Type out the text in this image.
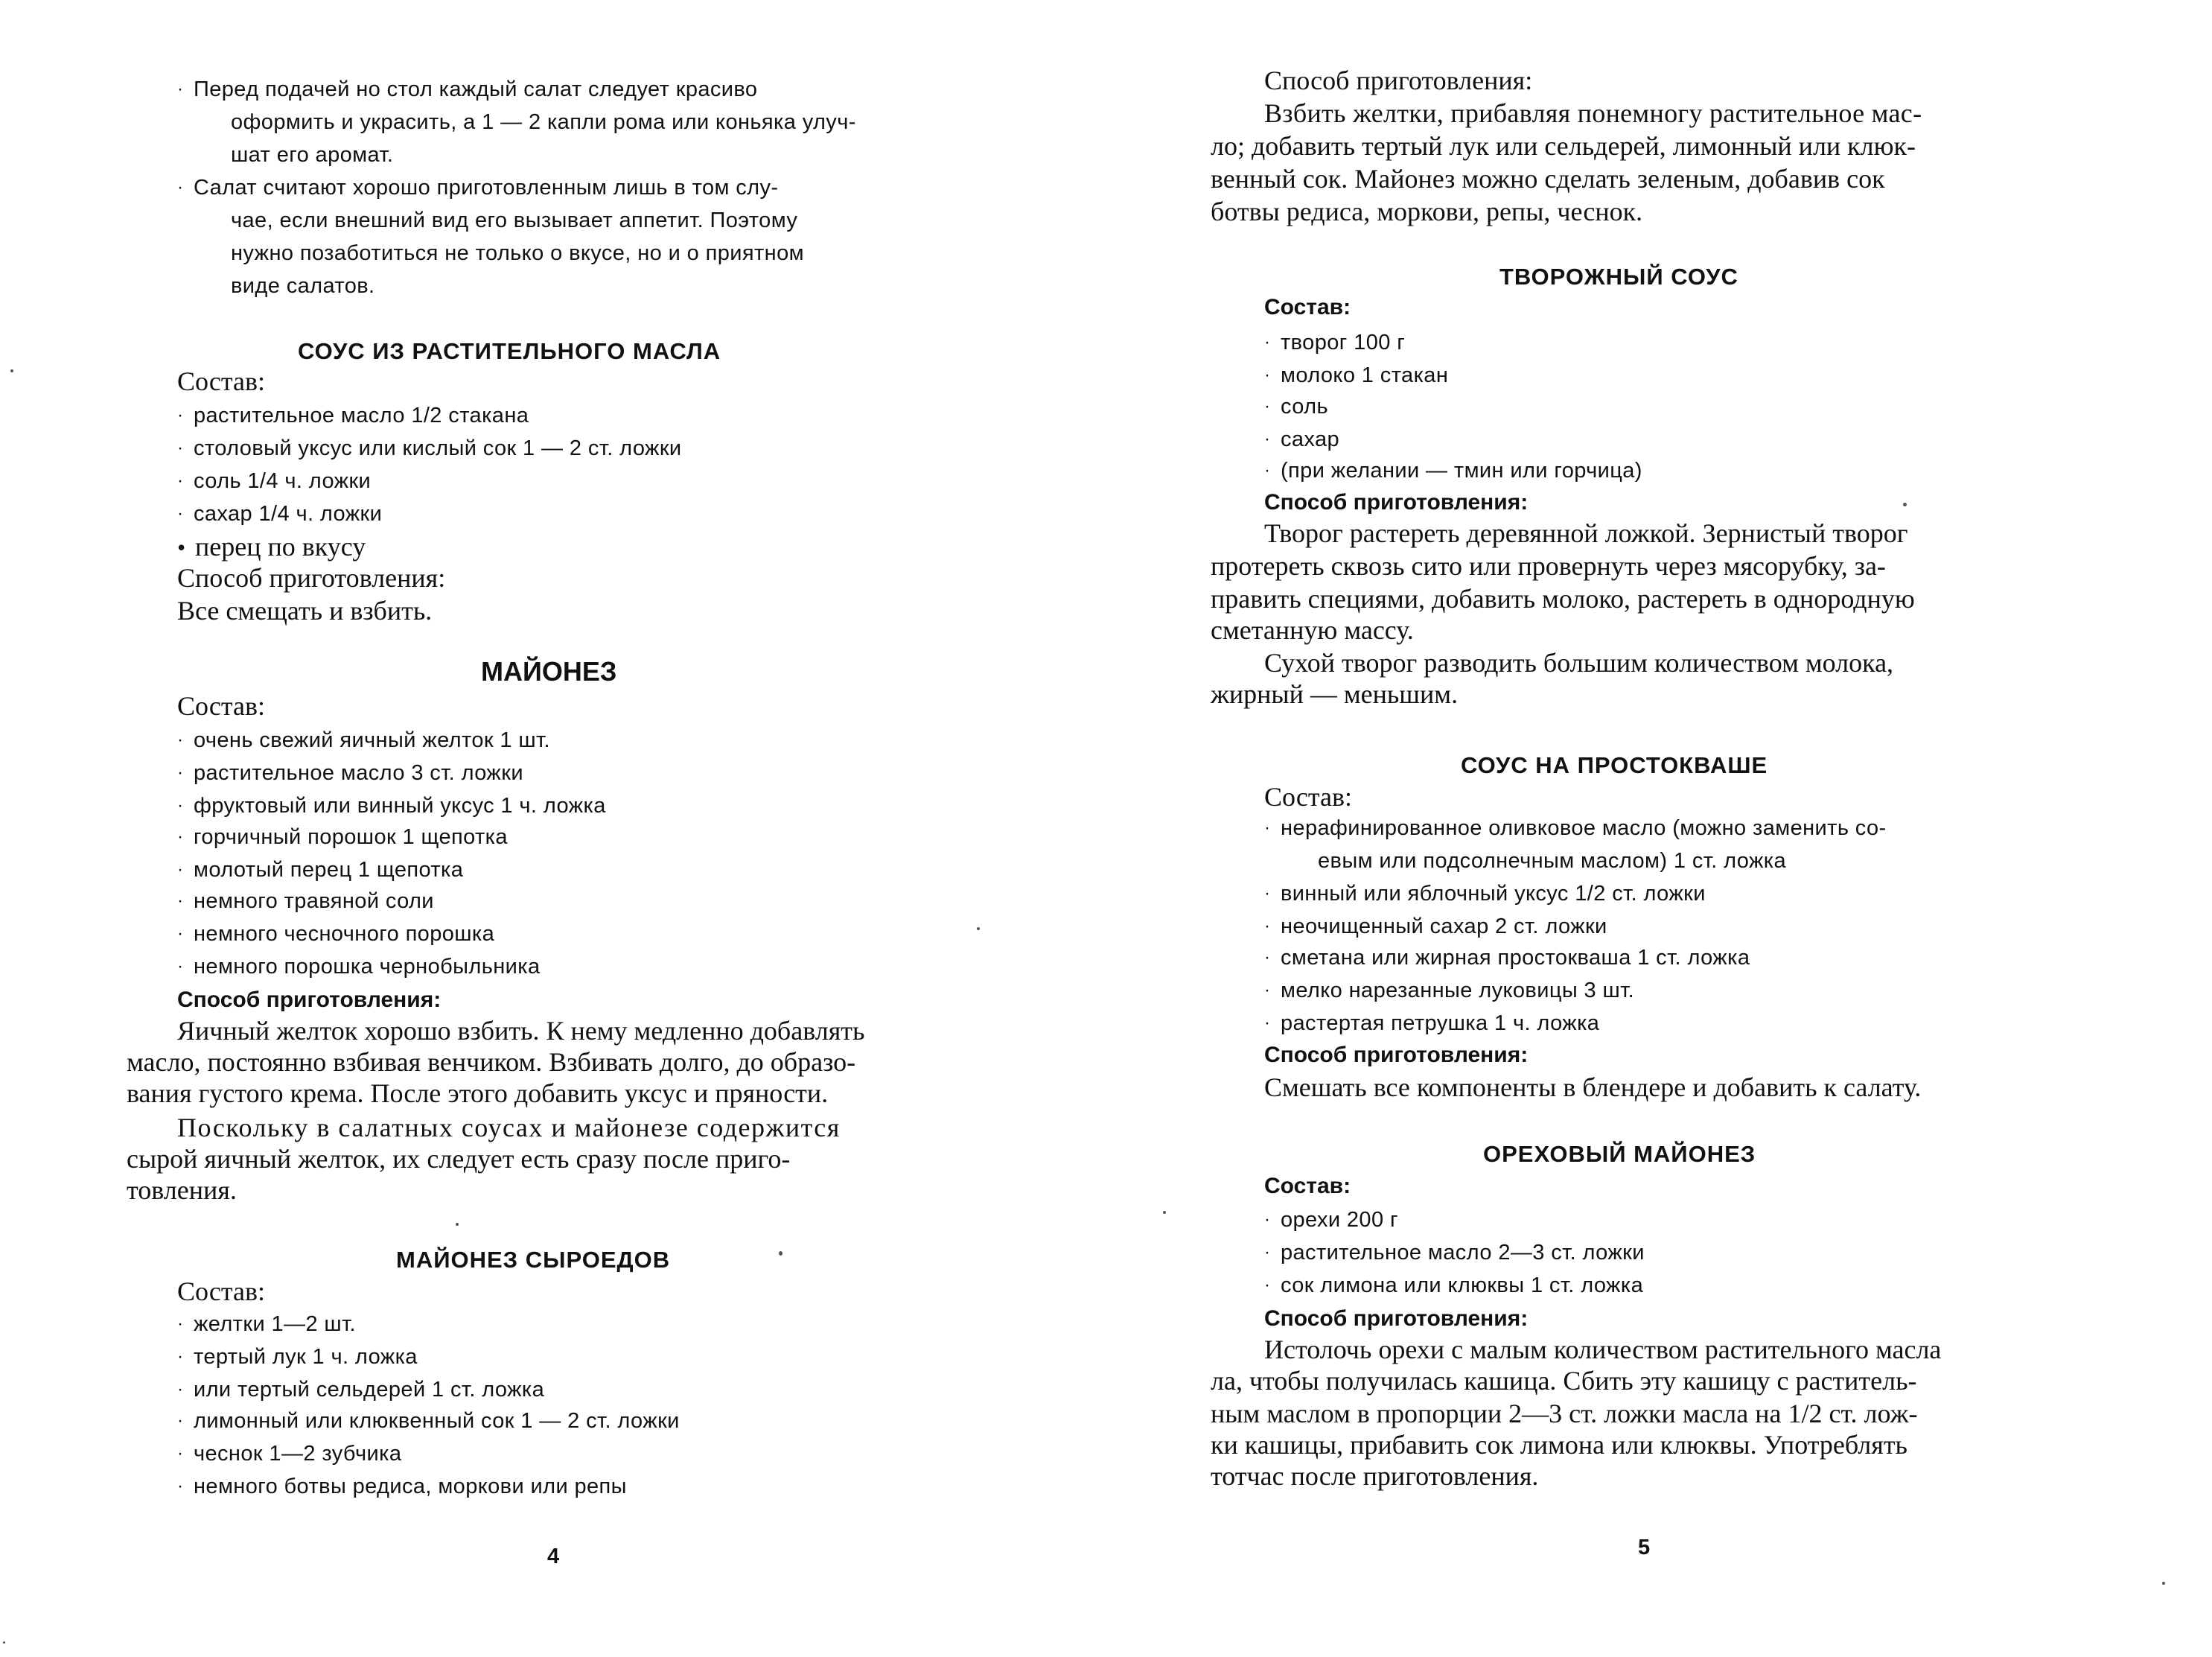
· Перед подачей но стол каждый салат следует красиво
оформить и украсить, а 1 — 2 капли рома или коньяка улуч-
шат его аромат.
· Салат считают хорошо приготовленным лишь в том слу-
чае, если внешний вид его вызывает аппетит. Поэтому
нужно позаботиться не только о вкусе, но и о приятном
виде салатов.
СОУС ИЗ РАСТИТЕЛЬНОГО МАСЛА
Состав:
· растительное масло 1/2 стакана
· столовый уксус или кислый сок 1 — 2 ст. ложки
· соль 1/4 ч. ложки
· сахар 1/4 ч. ложки
• перец по вкусу
Способ приготовления:
Все смещать и взбить.
МАЙОНЕЗ
Состав:
· очень свежий яичный желток 1 шт.
· растительное масло 3 ст. ложки
· фруктовый или винный уксус 1 ч. ложка
· горчичный порошок 1 щепотка
· молотый перец 1 щепотка
· немного травяной соли
· немного чесночного порошка
· немного порошка чернобыльника
Способ приготовления:
Яичный желток хорошо взбить. К нему медленно добавлять
масло, постоянно взбивая венчиком. Взбивать долго, до образо-
вания густого крема. После этого добавить уксус и пряности.
Поскольку в салатных соусах и майонезе содержится
сырой яичный желток, их следует есть сразу после приго-
товления.
МАЙОНЕЗ СЫРОЕДОВ
Состав:
· желтки 1—2 шт.
· тертый лук 1 ч. ложка
· или тертый сельдерей 1 ст. ложка
· лимонный или клюквенный сок 1 — 2 ст. ложки
· чеснок 1—2 зубчика
· немного ботвы редиса, моркови или репы
4
Способ приготовления:
Взбить желтки, прибавляя понемногу растительное мас-
ло; добавить тертый лук или сельдерей, лимонный или клюк-
венный сок. Майонез можно сделать зеленым, добавив сок
ботвы редиса, моркови, репы, чеснок.
ТВОРОЖНЫЙ СОУС
Состав:
· творог 100 г
· молоко 1 стакан
· соль
· сахар
· (при желании — тмин или горчица)
Способ приготовления:
Творог растереть деревянной ложкой. Зернистый творог
протереть сквозь сито или провернуть через мясорубку, за-
править специями, добавить молоко, растереть в однородную
сметанную массу.
Сухой творог разводить большим количеством молока,
жирный — меньшим.
СОУС НА ПРОСТОКВАШЕ
Состав:
· нерафинированное оливковое масло (можно заменить со-
евым или подсолнечным маслом) 1 ст. ложка
· винный или яблочный уксус 1/2 ст. ложки
· неочищенный сахар 2 ст. ложки
· сметана или жирная простокваша 1 ст. ложка
· мелко нарезанные луковицы 3 шт.
· растертая петрушка 1 ч. ложка
Способ приготовления:
Смешать все компоненты в блендере и добавить к салату.
ОРЕХОВЫЙ МАЙОНЕЗ
Состав:
· орехи 200 г
· растительное масло 2—3 ст. ложки
· сок лимона или клюквы 1 ст. ложка
Способ приготовления:
Истолочь орехи с малым количеством растительного масла
ла, чтобы получилась кашица. Сбить эту кашицу с раститель-
ным маслом в пропорции 2—3 ст. ложки масла на 1/2 ст. лож-
ки кашицы, прибавить сок лимона или клюквы. Употреблять
тотчас после приготовления.
5
